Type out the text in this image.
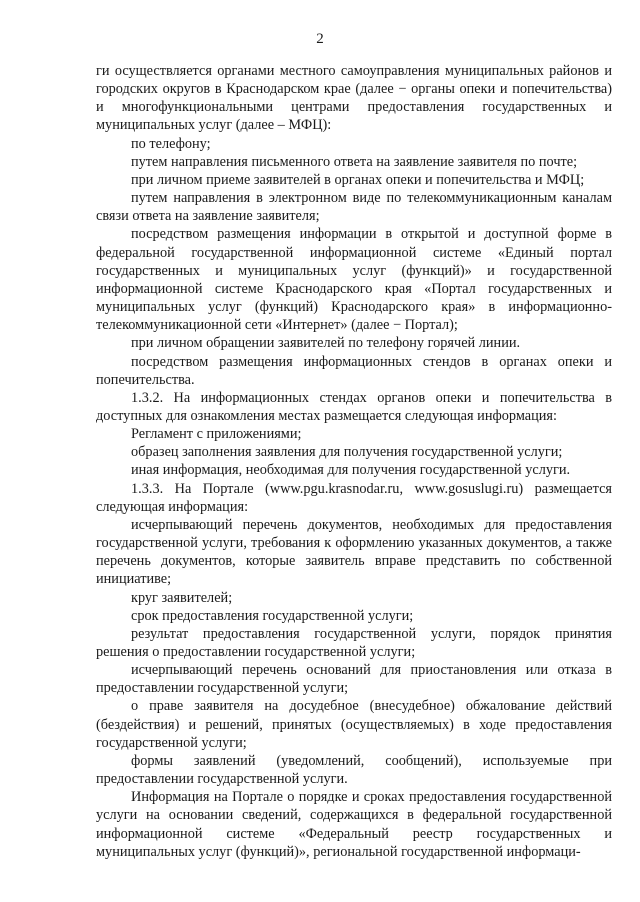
2

ги осуществляется органами местного самоуправления муниципальных районов и городских округов в Краснодарском крае (далее − органы опеки и попечительства) и многофункциональными центрами предоставления государственных и муниципальных услуг (далее – МФЦ):

по телефону;

путем направления письменного ответа на заявление заявителя по почте;

при личном приеме заявителей в органах опеки и попечительства и МФЦ;

путем направления в электронном виде по телекоммуникационным каналам связи ответа на заявление заявителя;

посредством размещения информации в открытой и доступной форме в федеральной государственной информационной системе «Единый портал государственных и муниципальных услуг (функций)» и государственной информационной системе Краснодарского края «Портал государственных и муниципальных услуг (функций) Краснодарского края» в информационно-телекоммуникационной сети «Интернет» (далее − Портал);

при личном обращении заявителей по телефону горячей линии.

посредством размещения информационных стендов в органах опеки и попечительства.

1.3.2. На информационных стендах органов опеки и попечительства в доступных для ознакомления местах размещается следующая информация:

Регламент с приложениями;

образец заполнения заявления для получения государственной услуги;

иная информация, необходимая для получения государственной услуги.

1.3.3. На Портале (www.pgu.krasnodar.ru, www.gosuslugi.ru) размещается следующая информация:

исчерпывающий перечень документов, необходимых для предоставления государственной услуги, требования к оформлению указанных документов, а также перечень документов, которые заявитель вправе представить по собственной инициативе;

круг заявителей;

срок предоставления государственной услуги;

результат предоставления государственной услуги, порядок принятия решения о предоставлении государственной услуги;

исчерпывающий перечень оснований для приостановления или отказа в предоставлении государственной услуги;

о праве заявителя на досудебное (внесудебное) обжалование действий (бездействия) и решений, принятых (осуществляемых) в ходе предоставления государственной услуги;

формы заявлений (уведомлений, сообщений), используемые при предоставлении государственной услуги.

Информация на Портале о порядке и сроках предоставления государственной услуги на основании сведений, содержащихся в федеральной государственной информационной системе «Федеральный реестр государственных и муниципальных услуг (функций)», региональной государственной информаци-
